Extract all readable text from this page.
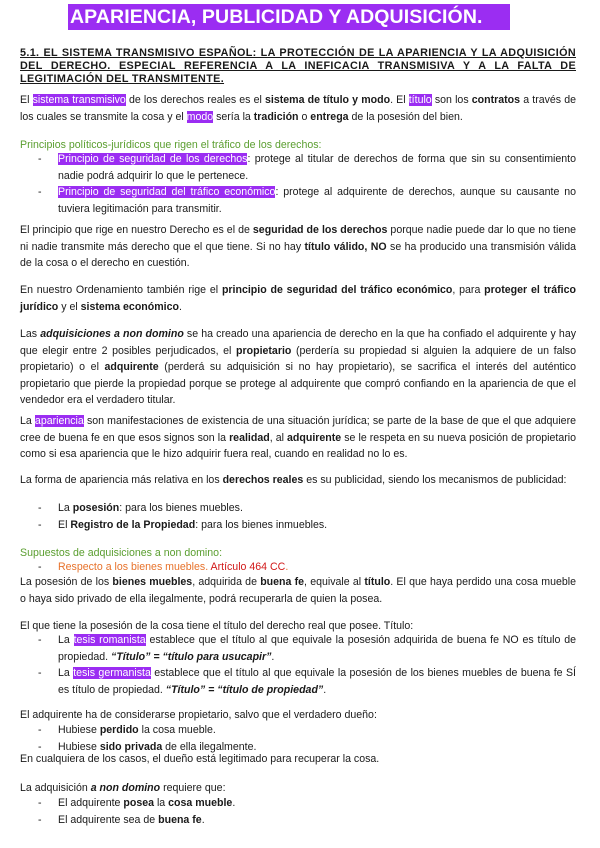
APARIENCIA, PUBLICIDAD Y ADQUISICIÓN.
5.1. EL SISTEMA TRANSMISIVO ESPAÑOL: LA PROTECCIÓN DE LA APARIENCIA Y LA ADQUISICIÓN DEL DERECHO. ESPECIAL REFERENCIA A LA INEFICACIA TRANSMISIVA Y A LA FALTA DE LEGITIMACIÓN DEL TRANSMITENTE.

El sistema transmisivo de los derechos reales es el sistema de título y modo. El título son los contratos a través de los cuales se transmite la cosa y el modo sería la tradición o entrega de la posesión del bien.

Principios políticos-jurídicos que rigen el tráfico de los derechos:

- Principio de seguridad de los derechos: protege al titular de derechos de forma que sin su consentimiento nadie podrá adquirir lo que le pertenece.
- Principio de seguridad del tráfico económico: protege al adquirente de derechos, aunque su causante no tuviera legitimación para transmitir.

El principio que rige en nuestro Derecho es el de seguridad de los derechos porque nadie puede dar lo que no tiene ni nadie transmite más derecho que el que tiene. Si no hay título válido, NO se ha producido una transmisión válida de la cosa o el derecho en cuestión.

En nuestro Ordenamiento también rige el principio de seguridad del tráfico económico, para proteger el tráfico jurídico y el sistema económico.

Las adquisiciones a non domino se ha creado una apariencia de derecho en la que ha confiado el adquirente y hay que elegir entre 2 posibles perjudicados, el propietario (perdería su propiedad si alguien la adquiere de un falso propietario) o el adquirente (perderá su adquisición si no hay propietario), se sacrifica el interés del auténtico propietario que pierde la propiedad porque se protege al adquirente que compró confiando en la apariencia de que el vendedor era el verdadero titular.

La apariencia son manifestaciones de existencia de una situación jurídica; se parte de la base de que el que adquiere cree de buena fe en que esos signos son la realidad, al adquirente se le respeta en su nueva posición de propietario como si esa apariencia que le hizo adquirir fuera real, cuando en realidad no lo es.

La forma de apariencia más relativa en los derechos reales es su publicidad, siendo los mecanismos de publicidad:

- La posesión: para los bienes muebles.
- El Registro de la Propiedad: para los bienes inmuebles.

Supuestos de adquisiciones a non domino:

- Respecto a los bienes muebles. Artículo 464 CC.

La posesión de los bienes muebles, adquirida de buena fe, equivale al título. El que haya perdido una cosa mueble o haya sido privado de ella ilegalmente, podrá recuperarla de quien la posea.

El que tiene la posesión de la cosa tiene el título del derecho real que posee. Título:

- La tesis romanista establece que el título al que equivale la posesión adquirida de buena fe NO es título de propiedad. “Título” = “título para usucapir”.
- La tesis germanista establece que el título al que equivale la posesión de los bienes muebles de buena fe SÍ es título de propiedad. “Título” = “título de propiedad”.

El adquirente ha de considerarse propietario, salvo que el verdadero dueño:

- Hubiese perdido la cosa mueble.
- Hubiese sido privada de ella ilegalmente.

En cualquiera de los casos, el dueño está legitimado para recuperar la cosa.

La adquisición a non domino requiere que:

- El adquirente posea la cosa mueble.
- El adquirente sea de buena fe.
